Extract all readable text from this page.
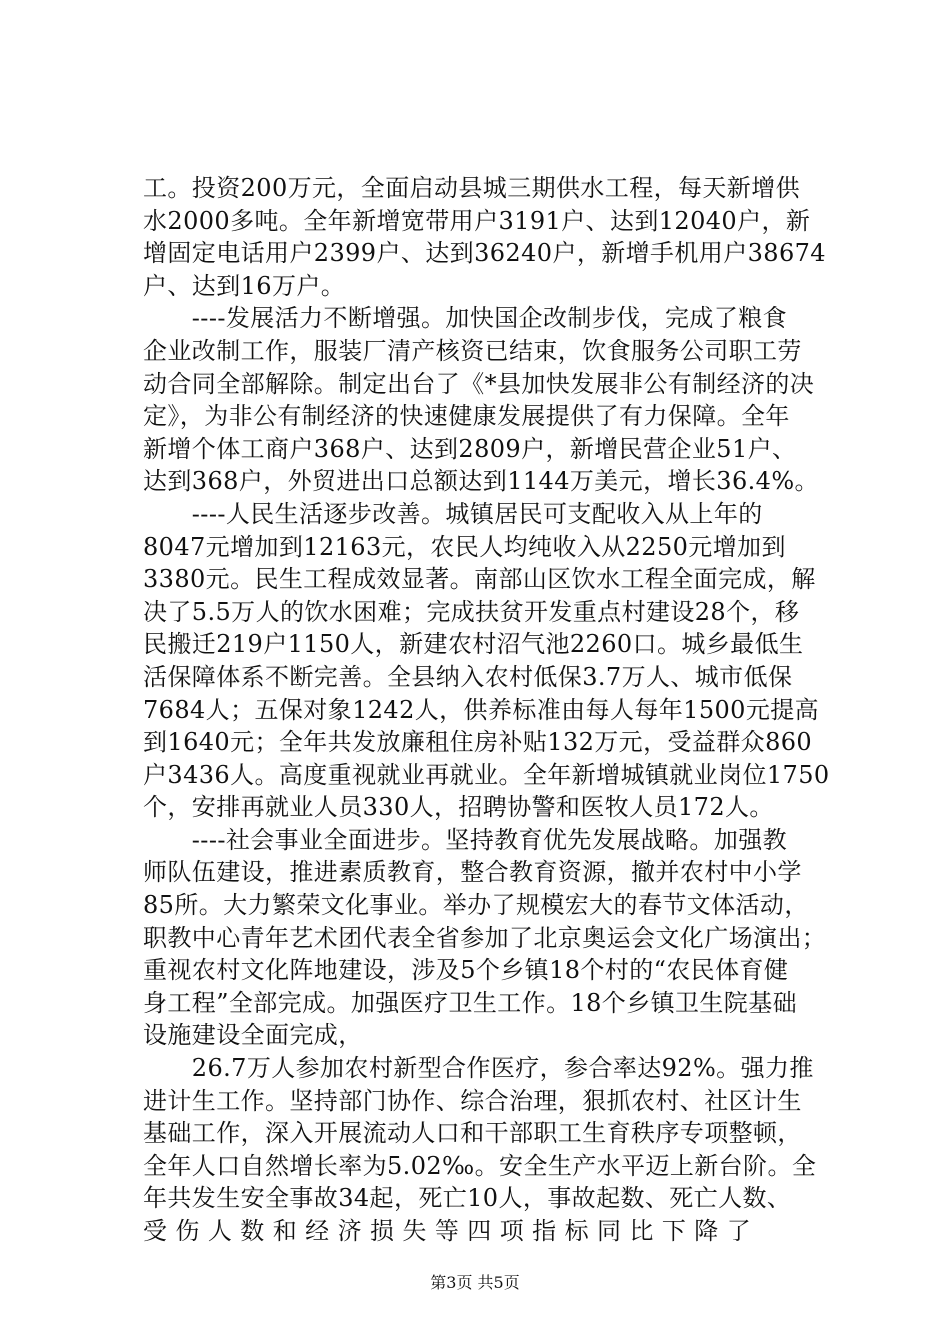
工。投资200万元，全面启动县城三期供水工程，每天新增供
水2000多吨。全年新增宽带用户3191户、达到12040户，新
增固定电话用户2399户、达到36240户，新增手机用户38674
户、达到16万户。

　　----发展活力不断增强。加快国企改制步伐，完成了粮食
企业改制工作，服装厂清产核资已结束，饮食服务公司职工劳
动合同全部解除。制定出台了《*县加快发展非公有制经济的决
定》，为非公有制经济的快速健康发展提供了有力保障。全年
新增个体工商户368户、达到2809户，新增民营企业51户、
达到368户，外贸进出口总额达到1144万美元，增长36.4%。

　　----人民生活逐步改善。城镇居民可支配收入从上年的
8047元增加到12163元，农民人均纯收入从2250元增加到
3380元。民生工程成效显著。南部山区饮水工程全面完成，解
决了5.5万人的饮水困难；完成扶贫开发重点村建设28个，移
民搬迁219户1150人，新建农村沼气池2260口。城乡最低生
活保障体系不断完善。全县纳入农村低保3.7万人、城市低保
7684人；五保对象1242人，供养标准由每人每年1500元提高
到1640元；全年共发放廉租住房补贴132万元，受益群众860
户3436人。高度重视就业再就业。全年新增城镇就业岗位1750
个，安排再就业人员330人，招聘协警和医牧人员172人。

　　----社会事业全面进步。坚持教育优先发展战略。加强教
师队伍建设，推进素质教育，整合教育资源，撤并农村中小学
85所。大力繁荣文化事业。举办了规模宏大的春节文体活动，
职教中心青年艺术团代表全省参加了北京奥运会文化广场演出；
重视农村文化阵地建设，涉及5个乡镇18个村的“农民体育健
身工程”全部完成。加强医疗卫生工作。18个乡镇卫生院基础
设施建设全面完成，

　　26.7万人参加农村新型合作医疗，参合率达92%。强力推
进计生工作。坚持部门协作、综合治理，狠抓农村、社区计生
基础工作，深入开展流动人口和干部职工生育秩序专项整顿，
全年人口自然增长率为5.02‰。安全生产水平迈上新台阶。全
年共发生安全事故34起，死亡10人，事故起数、死亡人数、
受 伤 人 数 和 经 济 损 失 等 四 项 指 标 同 比 下 降 了

第3页 共5页
